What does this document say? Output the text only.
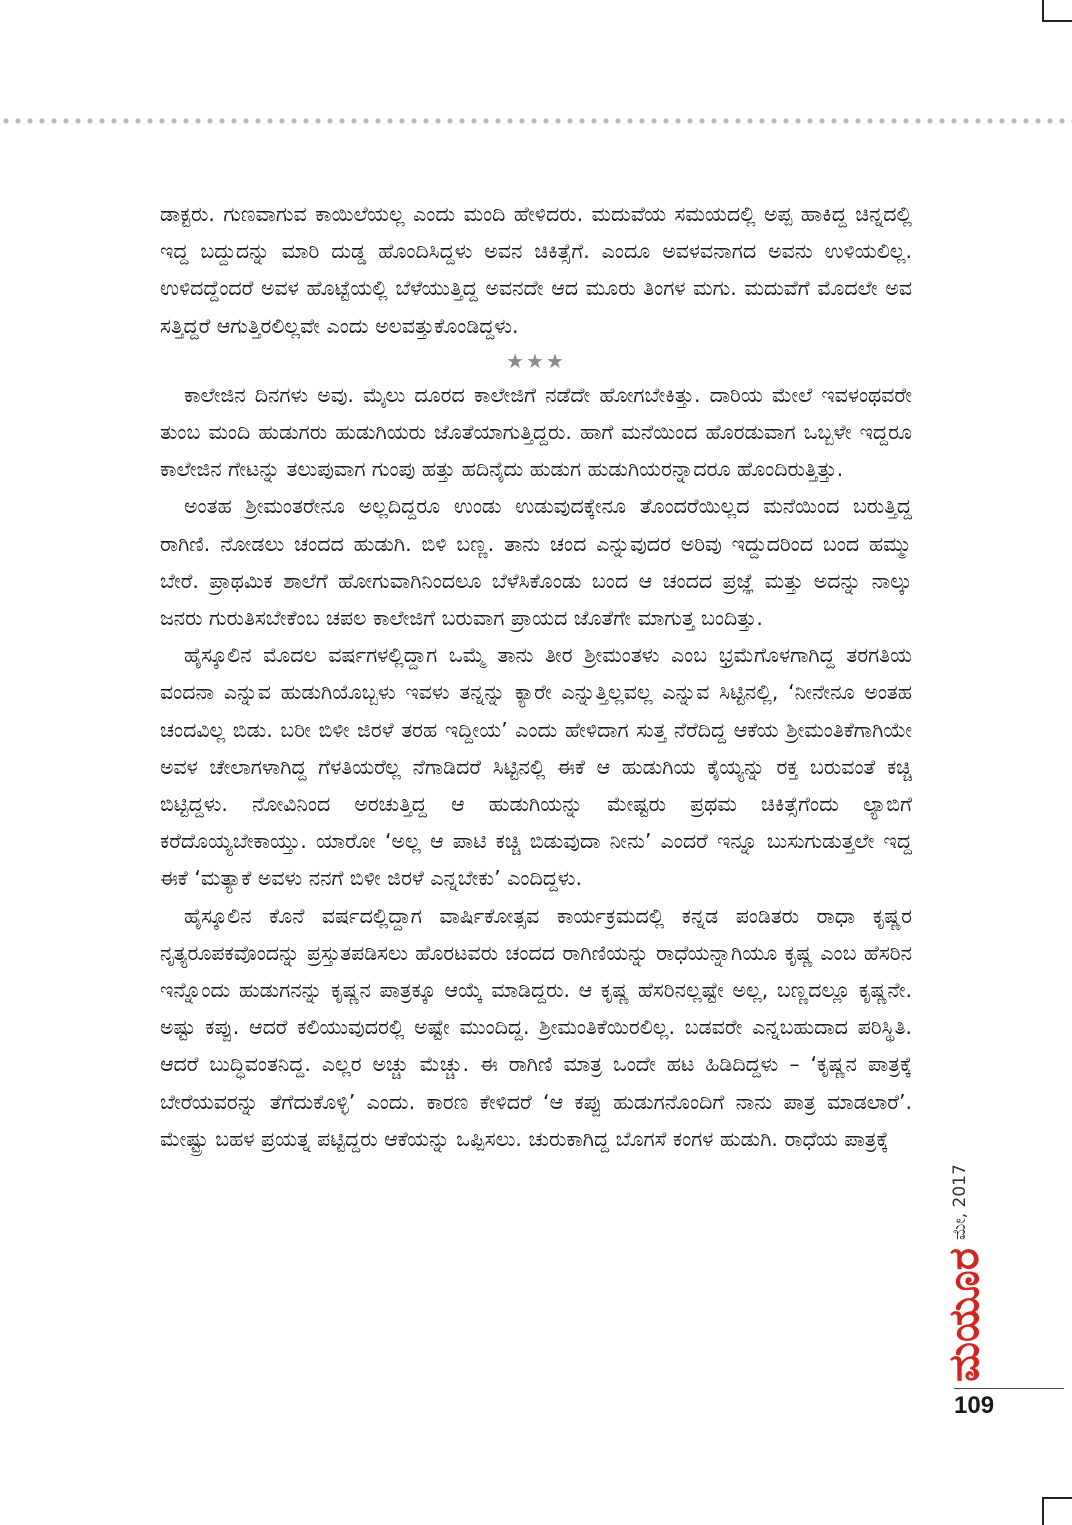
ಡಾಕ್ಟರು. ಗುಣವಾಗುವ ಕಾಯಿಲೆಯಲ್ಲ ಎಂದು ಮಂದಿ ಹೇಳಿದರು. ಮದುವೆಯ ಸಮಯದಲ್ಲಿ ಅಪ್ಪ ಹಾಕಿದ್ದ ಚಿನ್ನದಲ್ಲಿ ಇದ್ದ ಬದ್ದುದನ್ನು ಮಾರಿ ದುಡ್ಡ ಹೊಂದಿಸಿದ್ದಳು ಅವನ ಚಿಕಿತ್ಸೆಗೆ. ಎಂದೂ ಅವಳವನಾಗದ ಅವನು ಉಳಿಯಲಿಲ್ಲ. ಉಳಿದದ್ದೆಂದರೆ ಅವಳ ಹೊಟ್ಟೆಯಲ್ಲಿ ಬೆಳೆಯುತ್ತಿದ್ದ ಅವನದೇ ಆದ ಮೂರು ತಿಂಗಳ ಮಗು. ಮದುವೆಗೆ ಮೊದಲೇ ಅವ ಸತ್ತಿದ್ದರೆ ಆಗುತ್ತಿರಲಿಲ್ಲವೇ ಎಂದು ಅಲವತ್ತುಕೊಂಡಿದ್ದಳು.

★★★

ಕಾಲೇಜಿನ ದಿನಗಳು ಅವು. ಮೈಲು ದೂರದ ಕಾಲೇಜಿಗೆ ನಡೆದೇ ಹೋಗಬೇಕಿತ್ತು. ದಾರಿಯ ಮೇಲೆ ಇವಳಂಥವರೇ ತುಂಬ ಮಂದಿ ಹುಡುಗರು ಹುಡುಗಿಯರು ಜೊತೆಯಾಗುತ್ತಿದ್ದರು. ಹಾಗೆ ಮನೆಯಿಂದ ಹೊರಡುವಾಗ ಒಬ್ಬಳೇ ಇದ್ದರೂ ಕಾಲೇಜಿನ ಗೇಟನ್ನು ತಲುಪುವಾಗ ಗುಂಪು ಹತ್ತು ಹದಿನೈದು ಹುಡುಗ ಹುಡುಗಿಯರನ್ನಾದರೂ ಹೊಂದಿರುತ್ತಿತ್ತು.

ಅಂತಹ ಶ್ರೀಮಂತರೇನೂ ಅಲ್ಲದಿದ್ದರೂ ಉಂಡು ಉಡುವುದಕ್ಕೇನೂ ತೊಂದರೆಯಿಲ್ಲದ ಮನೆಯಿಂದ ಬರುತ್ತಿದ್ದ ರಾಗಿಣಿ. ನೋಡಲು ಚಂದದ ಹುಡುಗಿ. ಬಿಳಿ ಬಣ್ಣ. ತಾನು ಚಂದ ಎನ್ನುವುದರ ಅರಿವು ಇದ್ದುದರಿಂದ ಬಂದ ಹಮ್ಮು ಬೇರೆ. ಪ್ರಾಥಮಿಕ ಶಾಲೆಗೆ ಹೋಗುವಾಗಿನಿಂದಲೂ ಬೆಳೆಸಿಕೊಂಡು ಬಂದ ಆ ಚಂದದ ಪ್ರಜ್ಞೆ ಮತ್ತು ಅದನ್ನು ನಾಲ್ಕು ಜನರು ಗುರುತಿಸಬೇಕೆಂಬ ಚಪಲ ಕಾಲೇಜಿಗೆ ಬರುವಾಗ ಪ್ರಾಯದ ಜೊತೆಗೇ ಮಾಗುತ್ತ ಬಂದಿತ್ತು.

ಹೈಸ್ಕೂಲಿನ ಮೊದಲ ವರ್ಷಗಳಲ್ಲಿದ್ದಾಗ ಒಮ್ಮೆ ತಾನು ತೀರ ಶ್ರೀಮಂತಳು ಎಂಬ ಭ್ರಮೆಗೊಳಗಾಗಿದ್ದ ತರಗತಿಯ ವಂದನಾ ಎನ್ನುವ ಹುಡುಗಿಯೊಬ್ಬಳು ಇವಳು ತನ್ನನ್ನು ಕ್ಯಾರೇ ಎನ್ನುತ್ತಿಲ್ಲವಲ್ಲ ಎನ್ನುವ ಸಿಟ್ಟಿನಲ್ಲಿ, ‘ನೀನೇನೂ ಅಂತಹ ಚಂದವಿಲ್ಲ ಬಿಡು. ಬರೀ ಬಿಳೀ ಜಿರಳೆ ತರಹ ಇದ್ದೀಯ’ ಎಂದು ಹೇಳಿದಾಗ ಸುತ್ತ ನೆರೆದಿದ್ದ ಆಕೆಯ ಶ್ರೀಮಂತಿಕೆಗಾಗಿಯೇ ಅವಳ ಚೇಲಾಗಳಾಗಿದ್ದ ಗೆಳತಿಯರೆಲ್ಲ ನೆಗಾಡಿದರೆ ಸಿಟ್ಟಿನಲ್ಲಿ ಈಕೆ ಆ ಹುಡುಗಿಯ ಕೈಯ್ಯನ್ನು ರಕ್ತ ಬರುವಂತೆ ಕಚ್ಚಿ ಬಿಟ್ಟಿದ್ದಳು. ನೋವಿನಿಂದ ಅರಚುತ್ತಿದ್ದ ಆ ಹುಡುಗಿಯನ್ನು ಮೇಷ್ಟರು ಪ್ರಥಮ ಚಿಕಿತ್ಸೆಗೆಂದು ಲ್ಯಾಬಿಗೆ ಕರೆದೊಯ್ಯಬೇಕಾಯ್ತು. ಯಾರೋ ‘ಅಲ್ಲ ಆ ಪಾಟಿ ಕಚ್ಚಿ ಬಿಡುವುದಾ ನೀನು’ ಎಂದರೆ ಇನ್ನೂ ಬುಸುಗುಡುತ್ತಲೇ ಇದ್ದ ಈಕೆ ‘ಮತ್ಯಾಕೆ ಅವಳು ನನಗೆ ಬಿಳೀ ಜಿರಳೆ ಎನ್ನಬೇಕು’ ಎಂದಿದ್ದಳು.

ಹೈಸ್ಕೂಲಿನ ಕೊನೆ ವರ್ಷದಲ್ಲಿದ್ದಾಗ ವಾರ್ಷಿಕೋತ್ಸವ ಕಾರ್ಯಕ್ರಮದಲ್ಲಿ ಕನ್ನಡ ಪಂಡಿತರು ರಾಧಾ ಕೃಷ್ಣರ ನೃತ್ಯರೂಪಕವೊಂದನ್ನು ಪ್ರಸ್ತುತಪಡಿಸಲು ಹೊರಟವರು ಚಂದದ ರಾಗಿಣಿಯನ್ನು ರಾಧೆಯನ್ನಾಗಿಯೂ ಕೃಷ್ಣ ಎಂಬ ಹೆಸರಿನ ಇನ್ನೊಂದು ಹುಡುಗನನ್ನು ಕೃಷ್ಣನ ಪಾತ್ರಕ್ಕೂ ಆಯ್ಕೆ ಮಾಡಿದ್ದರು. ಆ ಕೃಷ್ಣ ಹೆಸರಿನಲ್ಲಷ್ಟೇ ಅಲ್ಲ, ಬಣ್ಣದಲ್ಲೂ ಕೃಷ್ಣನೇ. ಅಷ್ಟು ಕಪ್ಪು. ಆದರೆ ಕಲಿಯುವುದರಲ್ಲಿ ಅಷ್ಟೇ ಮುಂದಿದ್ದ. ಶ್ರೀಮಂತಿಕೆಯಿರಲಿಲ್ಲ. ಬಡವರೇ ಎನ್ನಬಹುದಾದ ಪರಿಸ್ಥಿತಿ. ಆದರೆ ಬುದ್ಧಿವಂತನಿದ್ದ. ಎಲ್ಲರ ಅಚ್ಚು ಮೆಚ್ಚು. ಈ ರಾಗಿಣಿ ಮಾತ್ರ ಒಂದೇ ಹಟ ಹಿಡಿದಿದ್ದಳು – ‘ಕೃಷ್ಣನ ಪಾತ್ರಕ್ಕೆ ಬೇರೆಯವರನ್ನು ತೆಗೆದುಕೊಳ್ಳಿ’ ಎಂದು. ಕಾರಣ ಕೇಳಿದರೆ ‘ಆ ಕಪ್ಪು ಹುಡುಗನೊಂದಿಗೆ ನಾನು ಪಾತ್ರ ಮಾಡಲಾರೆ’. ಮೇಷ್ಟ್ರು ಬಹಳ ಪ್ರಯತ್ನ ಪಟ್ಟಿದ್ದರು ಆಕೆಯನ್ನು ಒಪ್ಪಿಸಲು. ಚುರುಕಾಗಿದ್ದ ಬೊಗಸೆ ಕಂಗಳ ಹುಡುಗಿ. ರಾಧೆಯ ಪಾತ್ರಕ್ಕೆ

ಮೇ, 2017
ಮಯೂರ
109
